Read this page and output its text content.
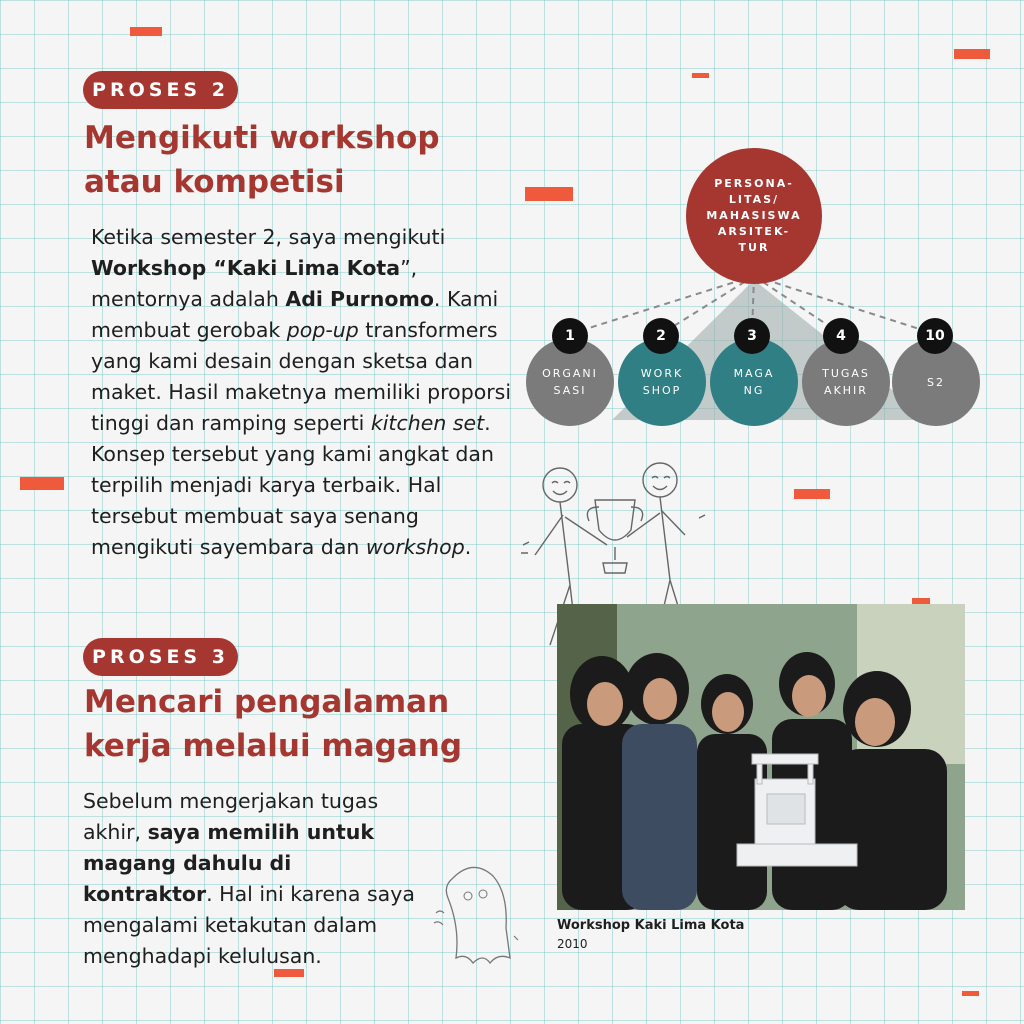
PROSES 2
Mengikuti workshop
atau kompetisi
Ketika semester 2, saya mengikuti Workshop “Kaki Lima Kota”, mentornya adalah Adi Purnomo. Kami membuat gerobak pop-up transformers yang kami desain dengan sketsa dan maket. Hasil maketnya memiliki proporsi tinggi dan ramping seperti kitchen set. Konsep tersebut yang kami angkat dan terpilih menjadi karya terbaik. Hal tersebut membuat saya senang mengikuti sayembara dan workshop.
PROSES 3
Mencari pengalaman
kerja melalui magang
Sebelum mengerjakan tugas akhir, saya memilih untuk magang dahulu di kontraktor. Hal ini karena saya mengalami ketakutan dalam menghadapi kelulusan.
PERSONA-
LITAS/
MAHASISWA
ARSITEK-
TUR
ORGANI
SASI
WORK
SHOP
MAGA
NG
TUGAS
AKHIR
S2
1	2	3	4	10
Workshop Kaki Lima Kota
2010
